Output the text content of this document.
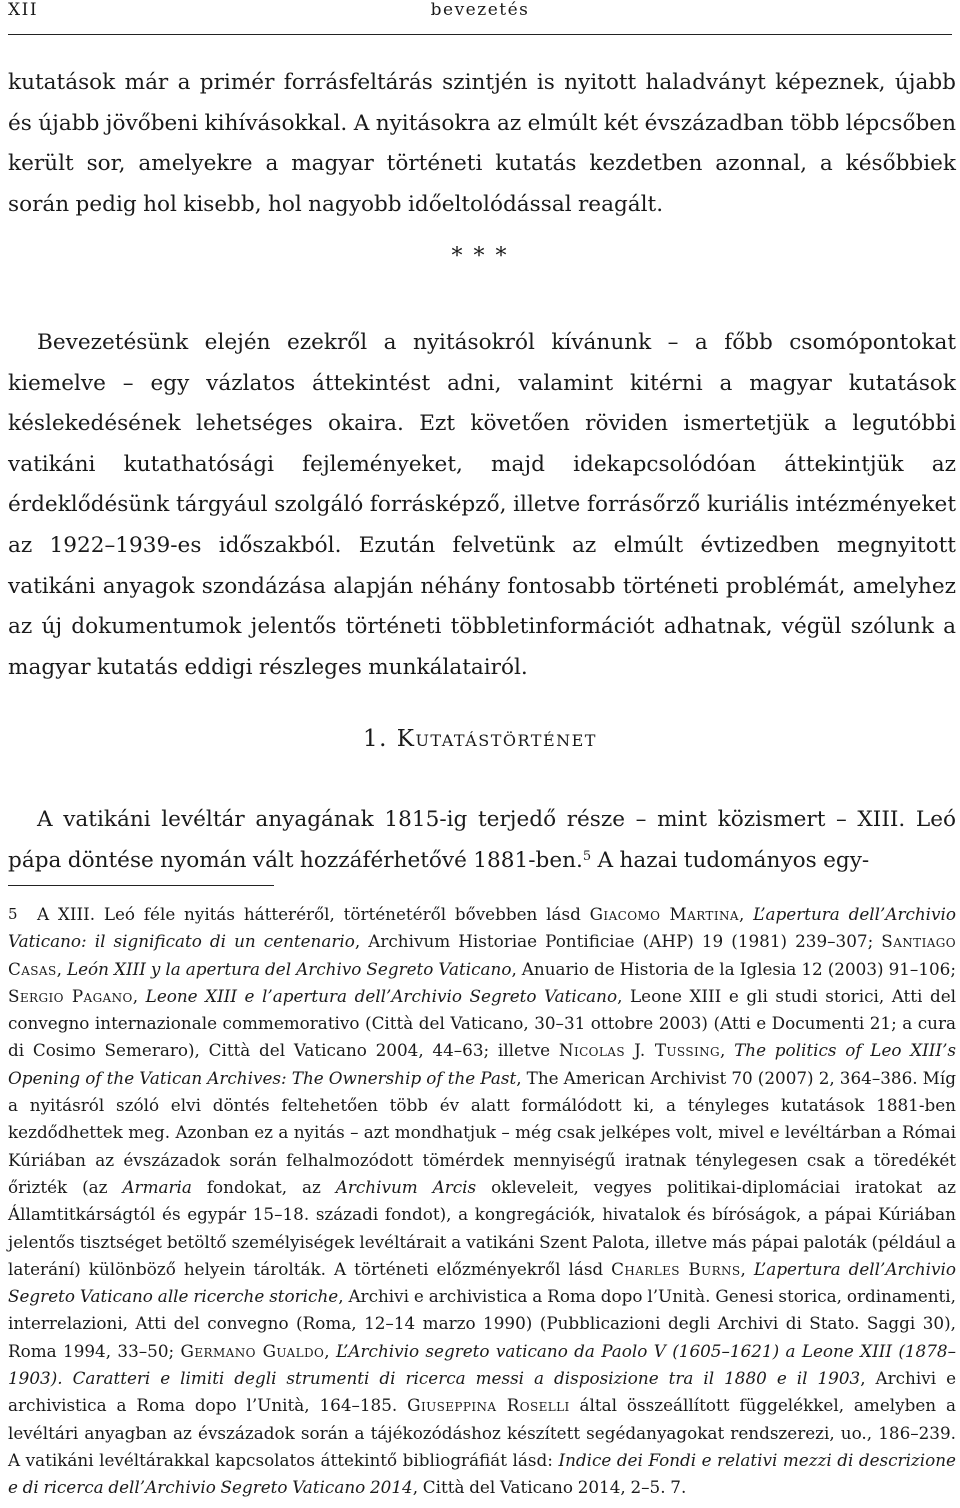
XII	bevezetés
kutatások már a primér forrásfeltárás szintjén is nyitott haladványt képeznek, újabb és újabb jövőbeni kihívásokkal. A nyitásokra az elmúlt két évszázadban több lépcsőben került sor, amelyekre a magyar történeti kutatás kezdetben azonnal, a későbbiek során pedig hol kisebb, hol nagyobb időeltolódással reagált.
* * *
Bevezetésünk elején ezekről a nyitásokról kívánunk – a főbb csomópontokat kiemelve – egy vázlatos áttekintést adni, valamint kitérni a magyar kutatások késlekedésének lehetséges okaira. Ezt követően röviden ismertetjük a legutóbbi vatikáni kutathatósági fejleményeket, majd idekapcsolódóan áttekintjük az érdeklődésünk tárgyául szolgáló forrásképző, illetve forrásőrző kuriális intézményeket az 1922–1939-es időszakból. Ezután felvetünk az elmúlt évtizedben megnyitott vatikáni anyagok szondázása alapján néhány fontosabb történeti problémát, amelyhez az új dokumentumok jelentős történeti többletinformációt adhatnak, végül szólunk a magyar kutatás eddigi részleges munkálatairól.
1. Kutatástörténet
A vatikáni levéltár anyagának 1815-ig terjedő része – mint közismert – XIII. Leó pápa döntése nyomán vált hozzáférhetővé 1881-ben.$^5$ A hazai tudományos egy-
5 A XIII. Leó féle nyitás hátteréről, történetéről bővebben lásd Giacomo Martina, L’apertura dell’Archivio Vaticano: il significato di un centenario, Archivum Historiae Pontificiae (AHP) 19 (1981) 239–307; Santiago Casas, León XIII y la apertura del Archivo Segreto Vaticano, Anuario de Historia de la Iglesia 12 (2003) 91–106; Sergio Pagano, Leone XIII e l’apertura dell’Archivio Segreto Vaticano, Leone XIII e gli studi storici, Atti del convegno internazionale commemorativo (Città del Vaticano, 30–31 ottobre 2003) (Atti e Documenti 21; a cura di Cosimo Semeraro), Città del Vaticano 2004, 44–63; illetve Nicolas J. Tussing, The politics of Leo XIII’s Opening of the Vatican Archives: The Ownership of the Past, The American Archivist 70 (2007) 2, 364–386. Míg a nyitásról szóló elvi döntés feltehetően több év alatt formálódott ki, a tényleges kutatások 1881-ben kezdődhettek meg. Azonban ez a nyitás – azt mondhatjuk – még csak jelképes volt, mivel e levéltárban a Római Kúriában az évszázadok során felhalmozódott tömérdek mennyiségű iratnak ténylegesen csak a töredékét őrizték (az Armaria fondokat, az Archivum Arcis okleveleit, vegyes politikai-diplomáciai iratokat az Államtitkárságtól és egypár 15–18. századi fondot), a kongregációk, hivatalok és bíróságok, a pápai Kúriában jelentős tisztséget betöltő személyiségek levéltárait a vatikáni Szent Palota, illetve más pápai paloták (például a laterání) különböző helyein tárolták. A történeti előzményekről lásd Charles Burns, L’apertura dell’Archivio Segreto Vaticano alle ricerche storiche, Archivi e archivistica a Roma dopo l’Unità. Genesi storica, ordinamenti, interrelazioni, Atti del convegno (Roma, 12–14 marzo 1990) (Pubblicazioni degli Archivi di Stato. Saggi 30), Roma 1994, 33–50; Germano Gualdo, L’Archivio segreto vaticano da Paolo V (1605–1621) a Leone XIII (1878–1903). Caratteri e limiti degli strumenti di ricerca messi a disposizione tra il 1880 e il 1903, Archivi e archivistica a Roma dopo l’Unità, 164–185. Giuseppina Roselli által összeállított függelékkel, amelyben a levéltári anyagban az évszázadok során a tájékozódáshoz készített segédanyagokat rendszerezi, uo., 186–239. A vatikáni levéltárakkal kapcsolatos áttekintő bibliográfiát lásd: Indice dei Fondi e relativi mezzi di descrizione e di ricerca dell’Archivio Segreto Vaticano 2014, Città del Vaticano 2014, 2–5. 7.
